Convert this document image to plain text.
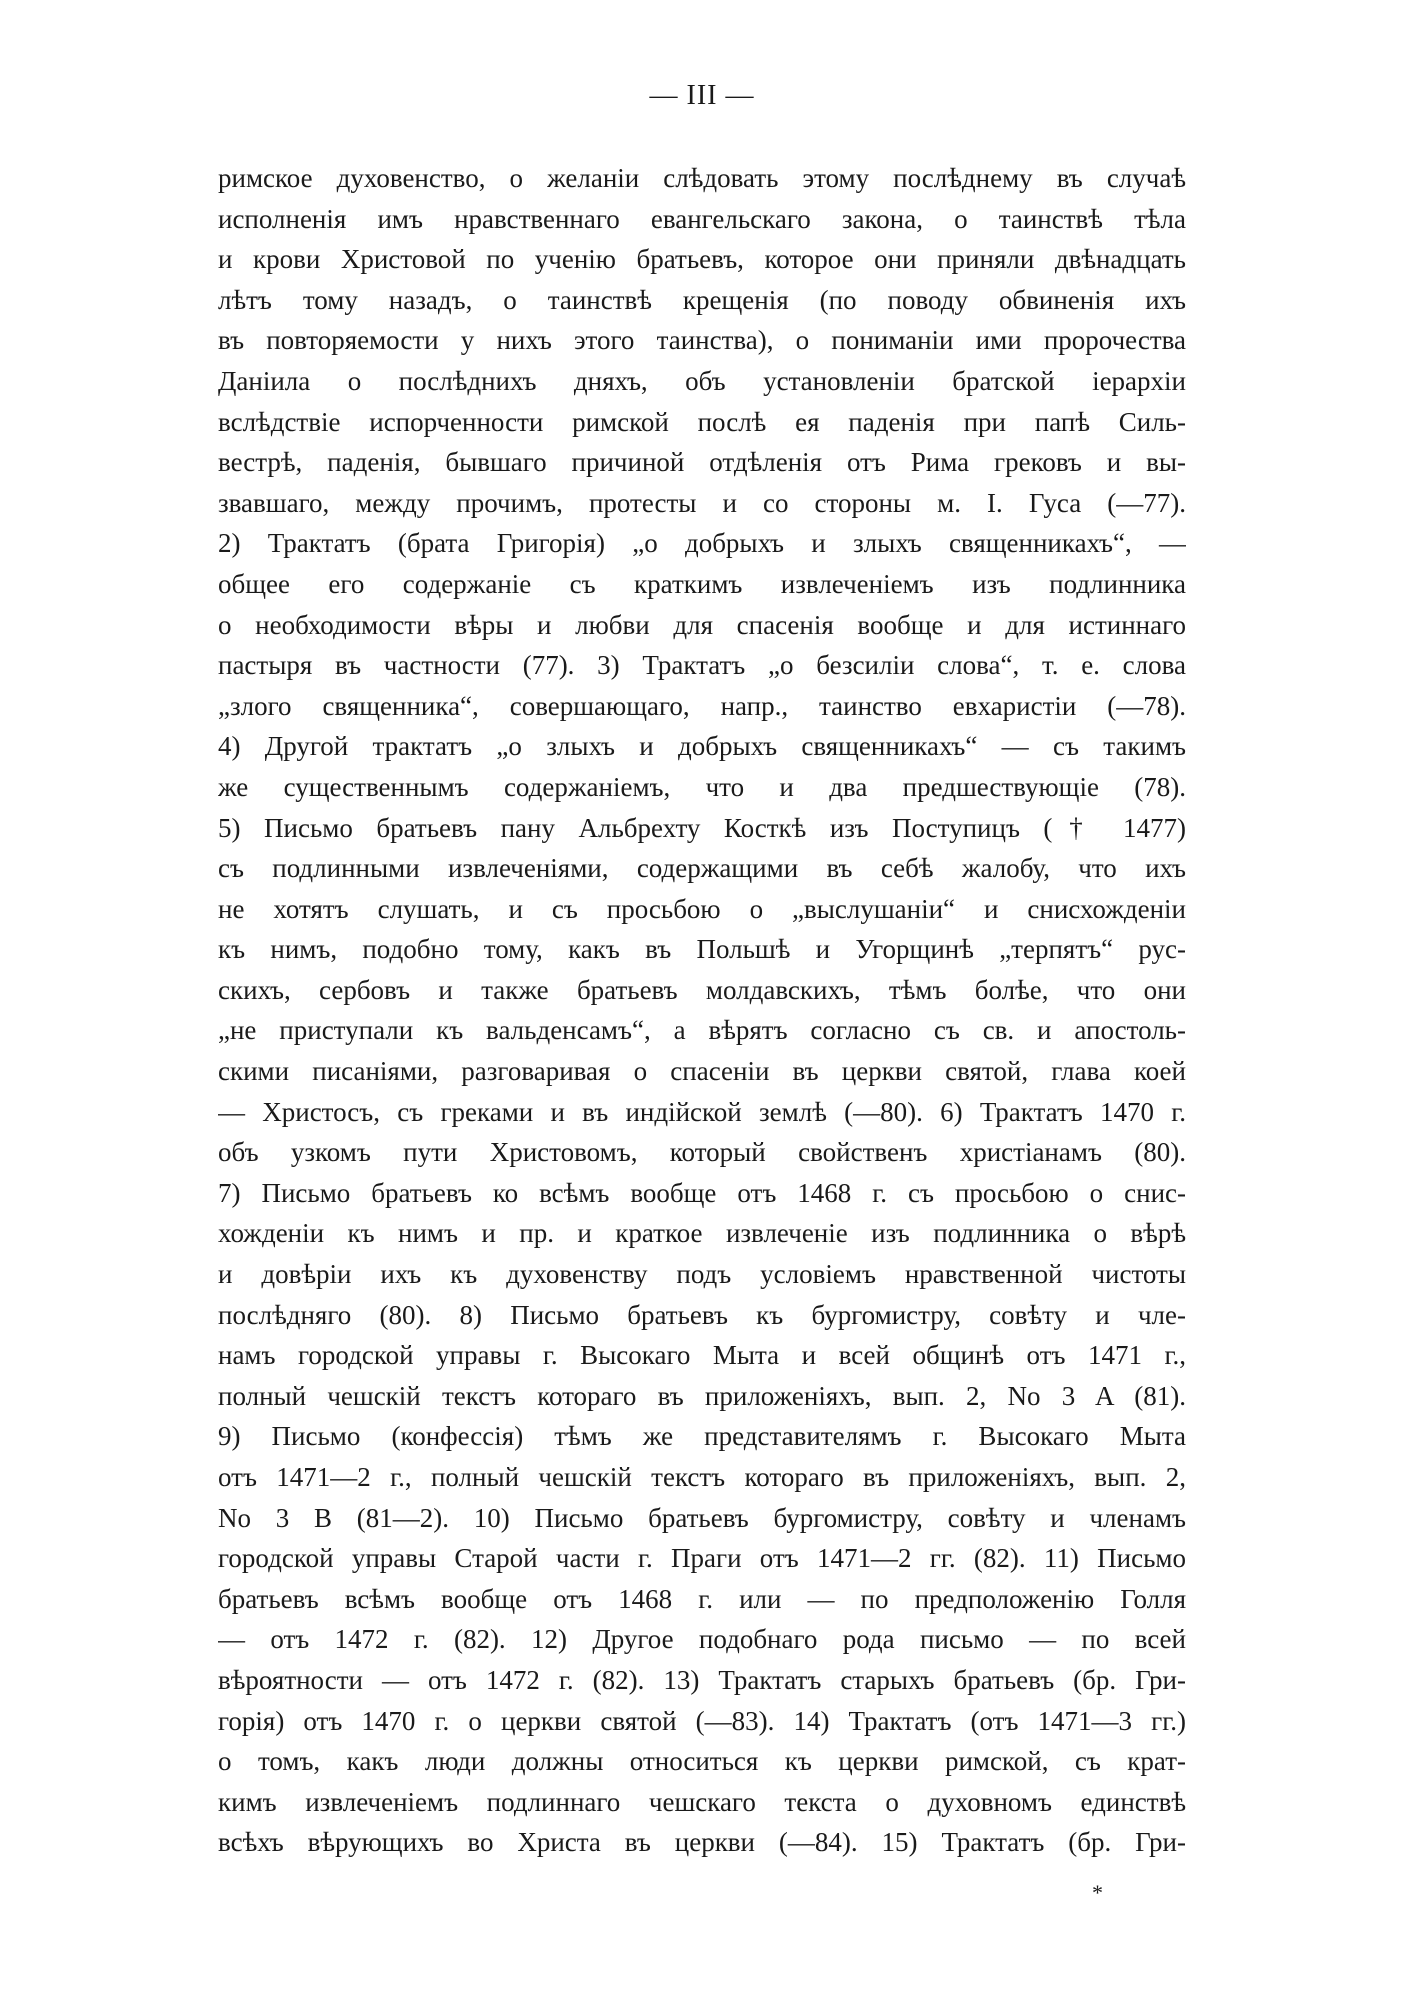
— III —
римское духовенство, о желаніи слѣдовать этому послѣднему въ случаѣ
исполненія имъ нравственнаго евангельскаго закона, о таинствѣ тѣла
и крови Христовой по ученію братьевъ, которое они приняли двѣнадцать
лѣтъ тому назадъ, о таинствѣ крещенія (по поводу обвиненія ихъ
въ повторяемости у нихъ этого таинства), о пониманіи ими пророчества
Даніила о послѣднихъ дняхъ, объ установленіи братской іерархіи
вслѣдствіе испорченности римской послѣ ея паденія при папѣ Силь-
вестрѣ, паденія, бывшаго причиной отдѣленія отъ Рима грековъ и вы-
звавшаго, между прочимъ, протесты и со стороны м. І. Гуса (—77).
2) Трактатъ (брата Григорія) „о добрыхъ и злыхъ священникахъ“, —
общее его содержаніе съ краткимъ извлеченіемъ изъ подлинника
о необходимости вѣры и любви для спасенія вообще и для истиннаго
пастыря въ частности (77). 3) Трактатъ „о безсиліи слова“, т. е. слова
„злого священника“, совершающаго, напр., таинство евхаристіи (—78).
4) Другой трактатъ „о злыхъ и добрыхъ священникахъ“ — съ такимъ
же существеннымъ содержаніемъ, что и два предшествующіе (78).
5) Письмо братьевъ пану Альбрехту Косткѣ изъ Поступицъ († 1477)
съ подлинными извлеченіями, содержащими въ себѣ жалобу, что ихъ
не хотятъ слушать, и съ просьбою о „выслушаніи“ и снисхожденіи
къ нимъ, подобно тому, какъ въ Польшѣ и Угорщинѣ „терпятъ“ рус-
скихъ, сербовъ и также братьевъ молдавскихъ, тѣмъ болѣе, что они
„не приступали къ вальденсамъ“, а вѣрятъ согласно съ св. и апостоль-
скими писаніями, разговаривая о спасеніи въ церкви святой, глава коей
— Христосъ, съ греками и въ индійской землѣ (—80). 6) Трактатъ 1470 г.
объ узкомъ пути Христовомъ, который свойственъ христіанамъ (80).
7) Письмо братьевъ ко всѣмъ вообще отъ 1468 г. съ просьбою о снис-
хожденіи къ нимъ и пр. и краткое извлеченіе изъ подлинника о вѣрѣ
и довѣріи ихъ къ духовенству подъ условіемъ нравственной чистоты
послѣдняго (80). 8) Письмо братьевъ къ бургомистру, совѣту и чле-
намъ городской управы г. Высокаго Мыта и всей общинѣ отъ 1471 г.,
полный чешскій текстъ котораго въ приложеніяхъ, вып. 2, No 3 A (81).
9) Письмо (конфессія) тѣмъ же представителямъ г. Высокаго Мыта
отъ 1471—2 г., полный чешскій текстъ котораго въ приложеніяхъ, вып. 2,
No 3 B (81—2). 10) Письмо братьевъ бургомистру, совѣту и членамъ
городской управы Старой части г. Праги отъ 1471—2 гг. (82). 11) Письмо
братьевъ всѣмъ вообще отъ 1468 г. или — по предположенію Голля
— отъ 1472 г. (82). 12) Другое подобнаго рода письмо — по всей
вѣроятности — отъ 1472 г. (82). 13) Трактатъ старыхъ братьевъ (бр. Гри-
горія) отъ 1470 г. о церкви святой (—83). 14) Трактатъ (отъ 1471—3 гг.)
о томъ, какъ люди должны относиться къ церкви римской, съ крат-
кимъ извлеченіемъ подлиннаго чешскаго текста о духовномъ единствѣ
всѣхъ вѣрующихъ во Христа въ церкви (—84). 15) Трактатъ (бр. Гри-
*
